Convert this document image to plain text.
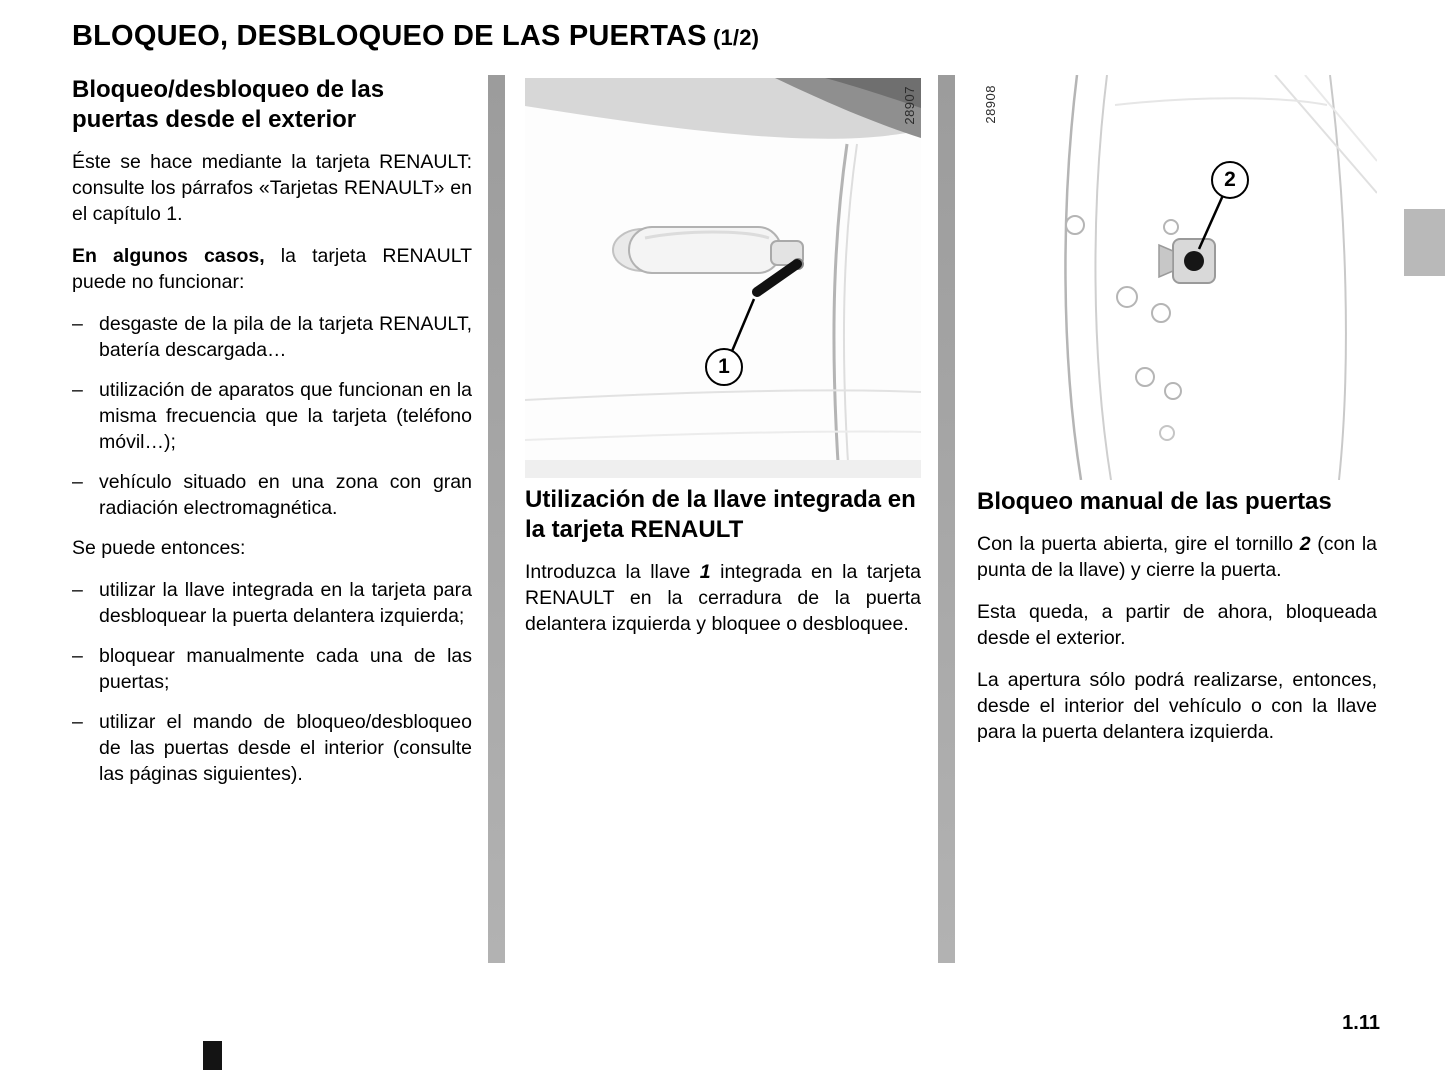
BLOQUEO, DESBLOQUEO DE LAS PUERTAS (1/2)
Bloqueo/desbloqueo de las puertas desde el exterior

Éste se hace mediante la tarjeta RENAULT: consulte los párrafos «Tarjetas RENAULT» en el capítulo 1.

En algunos casos, la tarjeta RENAULT puede no funcionar:

– desgaste de la pila de la tarjeta RENAULT, batería descargada…
– utilización de aparatos que funcionan en la misma frecuencia que la tarjeta (teléfono móvil…);
– vehículo situado en una zona con gran radiación electromagnética.

Se puede entonces:

– utilizar la llave integrada en la tarjeta para desbloquear la puerta delantera izquierda;
– bloquear manualmente cada una de las puertas;
– utilizar el mando de bloqueo/desbloqueo de las puertas desde el interior (consulte las páginas siguientes).
28907
1
28908
2
Utilización de la llave integrada en la tarjeta RENAULT

Introduzca la llave 1 integrada en la tarjeta RENAULT en la cerradura de la puerta delantera izquierda y bloquee o desbloquee.

Bloqueo manual de las puertas

Con la puerta abierta, gire el tornillo 2 (con la punta de la llave) y cierre la puerta.

Esta queda, a partir de ahora, bloqueada desde el exterior.

La apertura sólo podrá realizarse, entonces, desde el interior del vehículo o con la llave para la puerta delantera izquierda.

1.11
